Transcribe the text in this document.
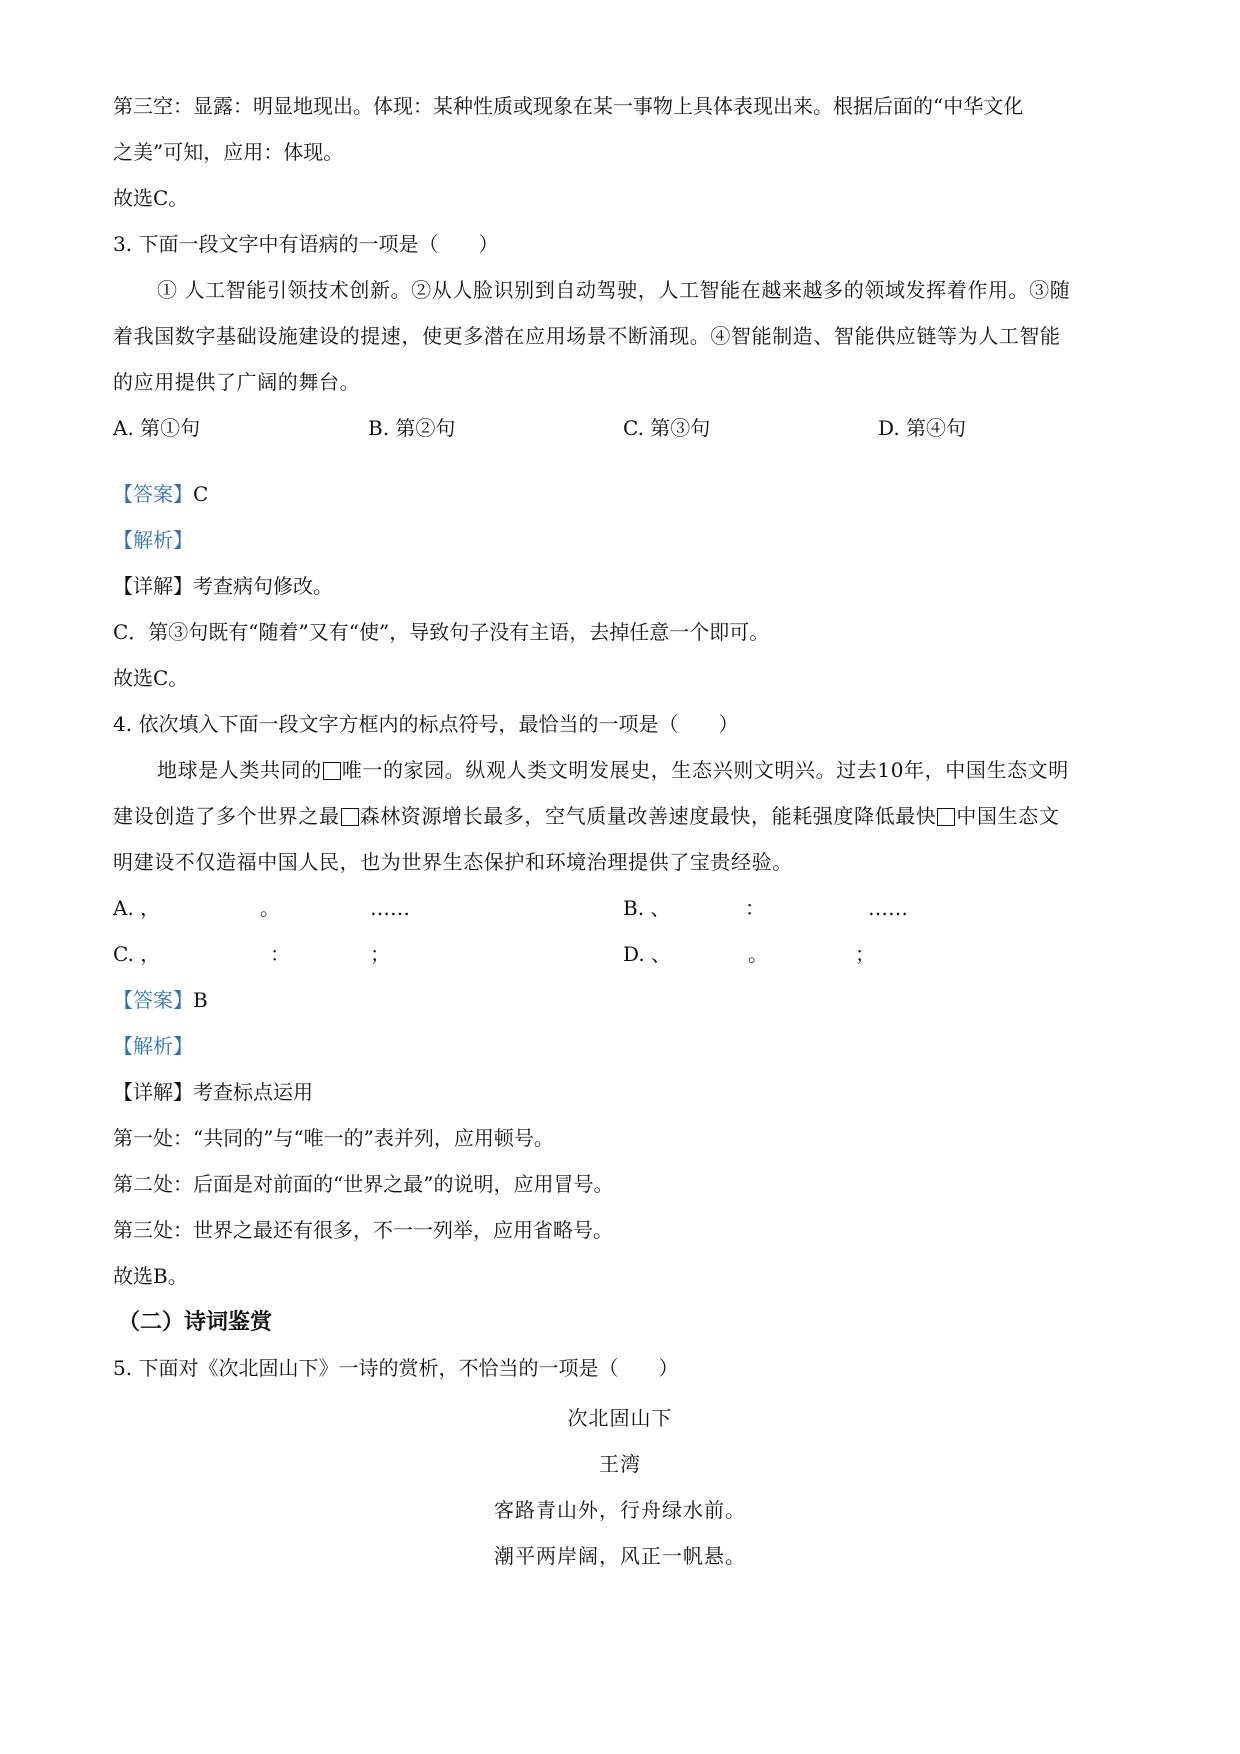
第三空：显露：明显地现出。体现：某种性质或现象在某一事物上具体表现出来。根据后面的“中华文化
之美”可知，应用：体现。
故选C。
3. 下面一段文字中有语病的一项是（　　）
① 人工智能引领技术创新。②从人脸识别到自动驾驶，人工智能在越来越多的领域发挥着作用。③随
着我国数字基础设施建设的提速，使更多潜在应用场景不断涌现。④智能制造、智能供应链等为人工智能
的应用提供了广阔的舞台。
A. 第①句	B. 第②句	C. 第③句	D. 第④句
【答案】C
【解析】
【详解】考查病句修改。
C．第③句既有“随着”又有“使”，导致句子没有主语，去掉任意一个即可。
故选C。
4. 依次填入下面一段文字方框内的标点符号，最恰当的一项是（　　）
地球是人类共同的 唯一的家园。纵观人类文明发展史，生态兴则文明兴。过去10年，中国生态文明
建设创造了多个世界之最 森林资源增长最多，空气质量改善速度最快，能耗强度降低最快 中国生态文
明建设不仅造福中国人民，也为世界生态保护和环境治理提供了宝贵经验。
A. ，	。	……	B. 、	：	……
C. ，	：	；	D. 、	。	；
【答案】B
【解析】
【详解】考查标点运用
第一处：“共同的”与“唯一的”表并列，应用顿号。
第二处：后面是对前面的“世界之最”的说明，应用冒号。
第三处：世界之最还有很多，不一一列举，应用省略号。
故选B。
（二）诗词鉴赏
5. 下面对《次北固山下》一诗的赏析，不恰当的一项是（　　）
次北固山下
王湾
客路青山外，行舟绿水前。
潮平两岸阔，风正一帆悬。
